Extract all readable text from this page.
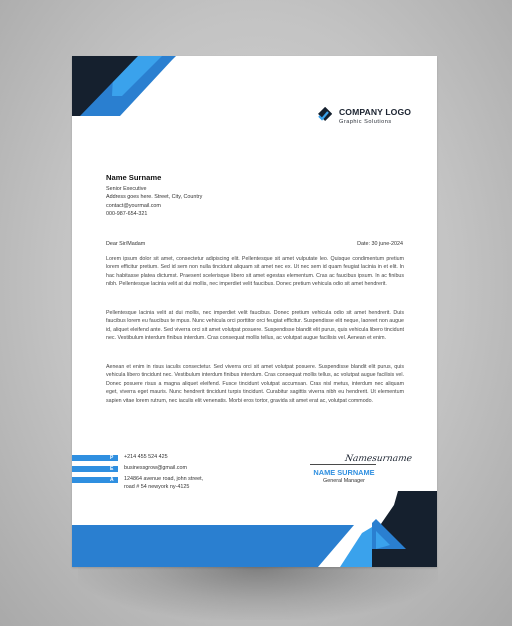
COMPANY LOGO
Graphic Solutions
Name Surname
Senior Executive
Address goes here. Street, City, Country
contact@yourmail.com
000-987-654-321
Dear Sir/Madam	Date: 30 june-2024
Lorem ipsum dolor sit amet, consectetur adipiscing elit. Pellentesque sit amet vulputate leo. Quisque condimentum pretium lorem efficitur pretium. Sed id sem non nulla tincidunt aliquam sit amet nec ex. Ut nec sem id quam feugiat lacinia in et elit. In hac habitasse platea dictumst. Praesent scelerisque libero sit amet egestas elementum. Cras ac faucibus ipsum. In ac finibus nibh. Pellentesque lacinia velit at dui mollis, nec imperdiet velit faucibus. Donec pretium vehicula odio sit amet hendrerit.
Pellentesque lacinia velit at dui mollis, nec imperdiet velit faucibus. Donec pretium vehicula odio sit amet hendrerit. Duis faucibus lorem eu faucibus te mpus. Nunc vehicula orci porttitor orci feugiat efficitur. Suspendisse elit neque, laoreet non augue id, aliquet eleifend ante. Sed viverra orci sit amet volutpat posuere. Suspendisse blandit elit purus, quis vehicula libero tincidunt nec. Vestibulum interdum finibus interdum. Cras consequat mollis tellus, ac volutpat augue facilisis vel. Aenean et enim.
Aenean et enim in risus iaculis consectetur. Sed viverra orci sit amet volutpat posuere. Suspendisse blandit elit purus, quis vehicula libero tincidunt nec. Vestibulum interdum finibus interdum. Cras consequat mollis tellus, ac volutpat augue facilisis vel. Donec posuere risus a magna aliquet eleifend. Fusce tincidunt volutpat accumsan. Cras nisl metus, interdum nec aliquam eget, viverra eget mauris. Nunc hendrerit tincidunt turpis tincidunt. Curabitur sagittis viverra nibh eu hendrerit. Ut elementum sapien vitae lorem rutrum, nec iaculis elit venenatis. Morbi eros tortor, gravida sit amet erat ac, volutpat commodo.
P +214 455 524 425
E businessgrow@gmail.com
A 124864 avenue road, john street,
road # 54 newyork ny-4125
Namesurname
NAME SURNAME
General Manager
